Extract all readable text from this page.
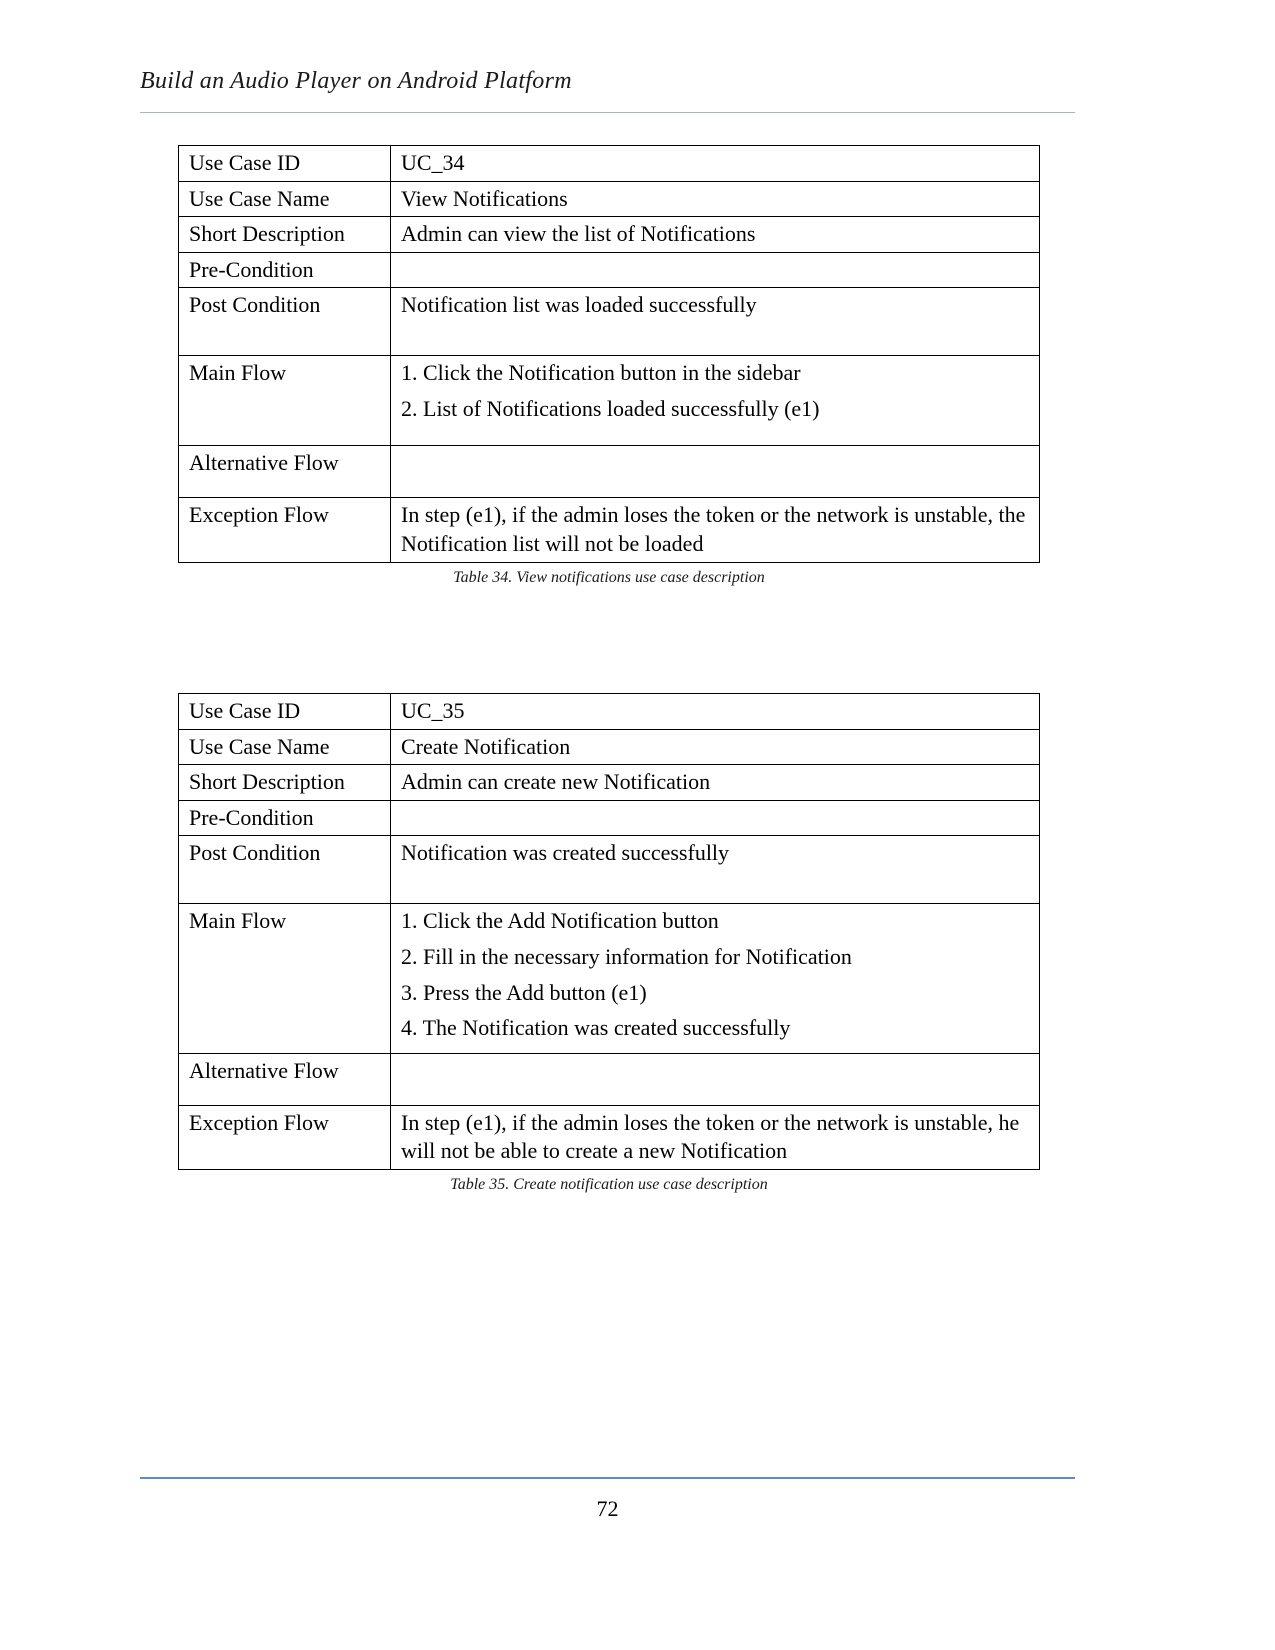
Build an Audio Player on Android Platform
Use Case ID	UC_34
Use Case Name	View Notifications
Short Description	Admin can view the list of Notifications
Pre-Condition	
Post Condition	Notification list was loaded successfully
Main Flow	1. Click the Notification button in the sidebar

2. List of Notifications loaded successfully (e1)

Alternative Flow	
Exception Flow	In step (e1), if the admin loses the token or the network is unstable, the Notification list will not be loaded
Table 34. View notifications use case description
Use Case ID	UC_35
Use Case Name	Create Notification
Short Description	Admin can create new Notification
Pre-Condition	
Post Condition	Notification was created successfully
Main Flow	1. Click the Add Notification button

2. Fill in the necessary information for Notification

3. Press the Add button (e1)

4. The Notification was created successfully

Alternative Flow	
Exception Flow	In step (e1), if the admin loses the token or the network is unstable, he will not be able to create a new Notification
Table 35. Create notification use case description
72
